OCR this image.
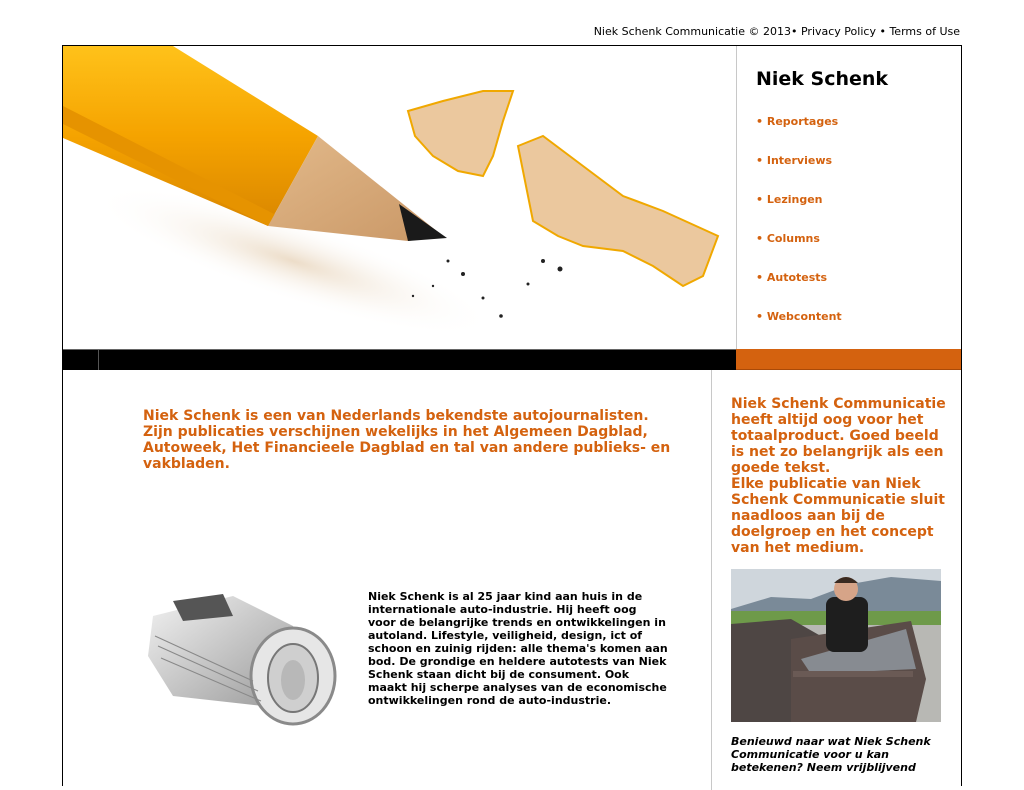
Niek Schenk Communicatie © 2013• Privacy Policy • Terms of Use
Niek Schenk
• Reportages
• Interviews
• Lezingen
• Columns
• Autotests
• Webcontent
Niek Schenk is een van Nederlands bekendste autojournalisten. Zijn publicaties verschijnen wekelijks in het Algemeen Dagblad, Autoweek, Het Financieele Dagblad en tal van andere publieks- en vakbladen.
Niek Schenk is al 25 jaar kind aan huis in de internationale auto-industrie. Hij heeft oog voor de belangrijke trends en ontwikkelingen in autoland. Lifestyle, veiligheid, design, ict of schoon en zuinig rijden: alle thema's komen aan bod. De grondige en heldere autotests van Niek Schenk staan dicht bij de consument. Ook maakt hij scherpe analyses van de economische ontwikkelingen rond de auto-industrie.
Niek Schenk Communicatie heeft altijd oog voor het totaalproduct. Goed beeld is net zo belangrijk als een goede tekst.
Elke publicatie van Niek Schenk Communicatie sluit naadloos aan bij de doelgroep en het concept van het medium.
Benieuwd naar wat Niek Schenk Communicatie voor u kan betekenen? Neem vrijblijvend
